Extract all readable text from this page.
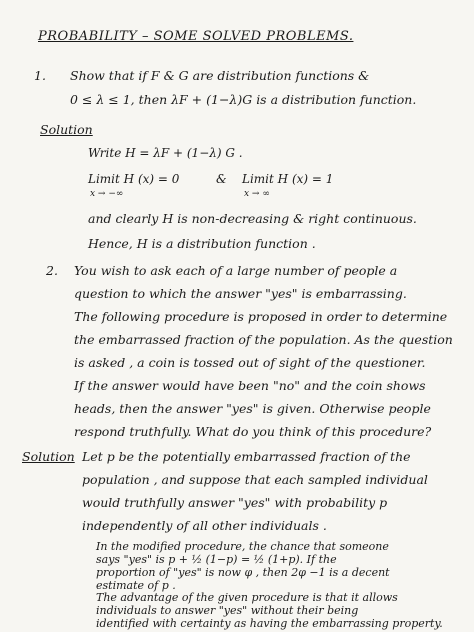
PROBABILITY – SOME SOLVED PROBLEMS.
1. Show that if F & G are distribution functions &
0 ≤ λ ≤ 1, then λF + (1−λ)G is a distribution function.
Solution
Write H = λF + (1−λ) G .
Limit H (x) = 0
x → −∞
& Limit H (x) = 1
x → ∞
and clearly H is non-decreasing & right continuous.
Hence, H is a distribution function .
2. You wish to ask each of a large number of people a
question to which the answer "yes" is embarrassing.
The following procedure is proposed in order to determine
the embarrassed fraction of the population. As the question
is asked , a coin is tossed out of sight of the questioner.
If the answer would have been "no" and the coin shows
heads, then the answer "yes" is given. Otherwise people
respond truthfully. What do you think of this procedure?
Solution Let p be the potentially embarrassed fraction of the
population , and suppose that each sampled individual
would truthfully answer "yes" with probability p
independently of all other individuals .
In the modified procedure, the chance that someone
says "yes" is p + ½ (1−p) = ½ (1+p). If the
proportion of "yes" is now φ , then 2φ −1 is a decent
estimate of p .
The advantage of the given procedure is that it allows
individuals to answer "yes" without their being
identified with certainty as having the embarrassing property.
